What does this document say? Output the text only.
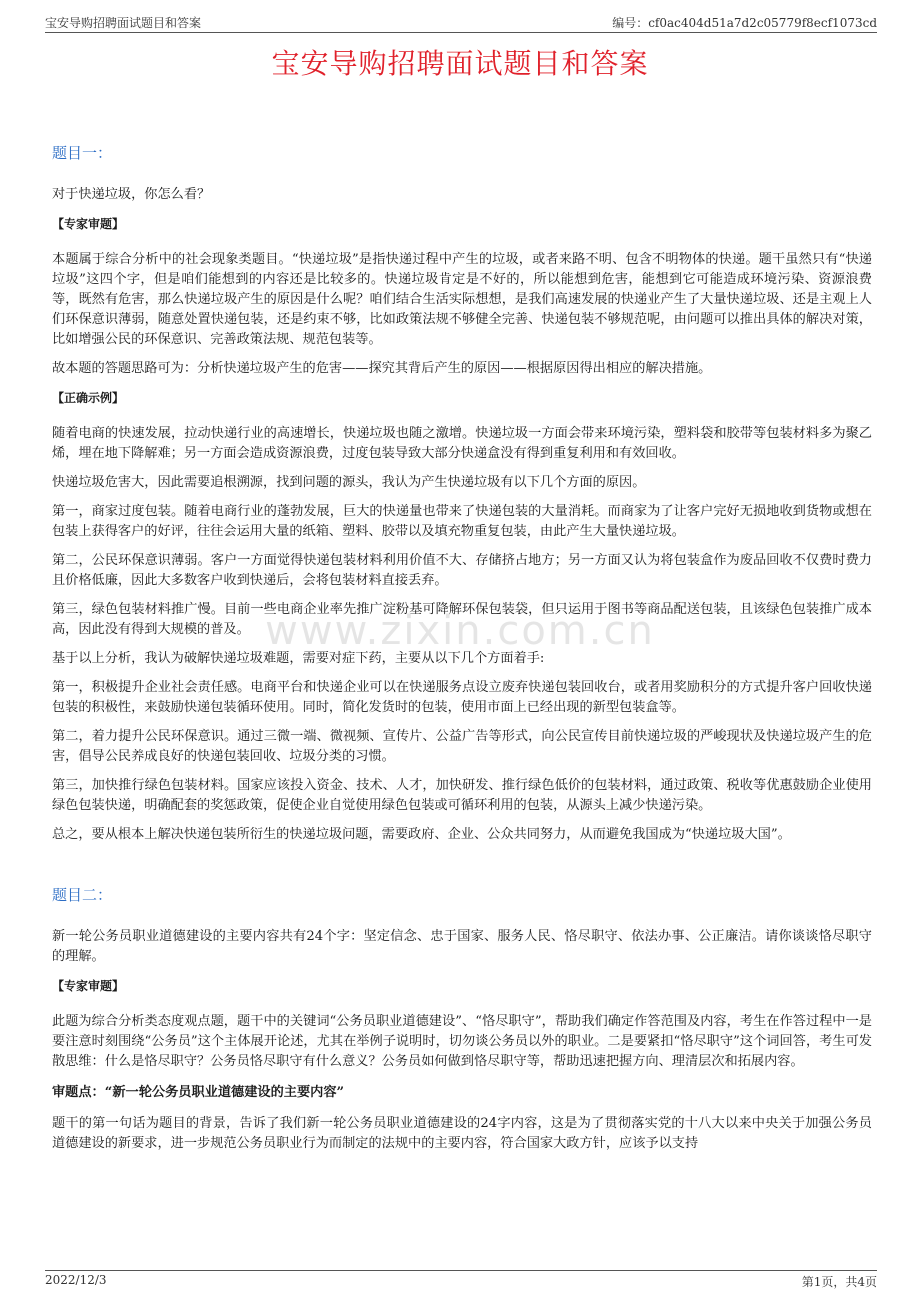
宝安导购招聘面试题目和答案	编号：cf0ac404d51a7d2c05779f8ecf1073cd
宝安导购招聘面试题目和答案
www.zixin.com.cn
题目一：

对于快递垃圾，你怎么看？

【专家审题】

本题属于综合分析中的社会现象类题目。“快递垃圾”是指快递过程中产生的垃圾，或者来路不明、包含不明物体的快递。题干虽然只有“快递垃圾”这四个字，但是咱们能想到的内容还是比较多的。快递垃圾肯定是不好的，所以能想到危害，能想到它可能造成环境污染、资源浪费等，既然有危害，那么快递垃圾产生的原因是什么呢？咱们结合生活实际想想，是我们高速发展的快递业产生了大量快递垃圾、还是主观上人们环保意识薄弱，随意处置快递包装，还是约束不够，比如政策法规不够健全完善、快递包装不够规范呢，由问题可以推出具体的解决对策，比如增强公民的环保意识、完善政策法规、规范包装等。

故本题的答题思路可为：分析快递垃圾产生的危害——探究其背后产生的原因——根据原因得出相应的解决措施。

【正确示例】

随着电商的快速发展，拉动快递行业的高速增长，快递垃圾也随之激增。快递垃圾一方面会带来环境污染，塑料袋和胶带等包装材料多为聚乙烯，埋在地下降解难；另一方面会造成资源浪费，过度包装导致大部分快递盒没有得到重复利用和有效回收。

快递垃圾危害大，因此需要追根溯源，找到问题的源头，我认为产生快递垃圾有以下几个方面的原因。

第一，商家过度包装。随着电商行业的蓬勃发展，巨大的快递量也带来了快递包装的大量消耗。而商家为了让客户完好无损地收到货物或想在包装上获得客户的好评，往往会运用大量的纸箱、塑料、胶带以及填充物重复包装，由此产生大量快递垃圾。

第二，公民环保意识薄弱。客户一方面觉得快递包装材料利用价值不大、存储挤占地方；另一方面又认为将包装盒作为废品回收不仅费时费力且价格低廉，因此大多数客户收到快递后，会将包装材料直接丢弃。

第三，绿色包装材料推广慢。目前一些电商企业率先推广淀粉基可降解环保包装袋，但只运用于图书等商品配送包装，且该绿色包装推广成本高，因此没有得到大规模的普及。

基于以上分析，我认为破解快递垃圾难题，需要对症下药，主要从以下几个方面着手:

第一，积极提升企业社会责任感。电商平台和快递企业可以在快递服务点设立废弃快递包装回收台，或者用奖励积分的方式提升客户回收快递包装的积极性，来鼓励快递包装循环使用。同时，简化发货时的包装，使用市面上已经出现的新型包装盒等。

第二，着力提升公民环保意识。通过三微一端、微视频、宣传片、公益广告等形式，向公民宣传目前快递垃圾的严峻现状及快递垃圾产生的危害，倡导公民养成良好的快递包装回收、垃圾分类的习惯。

第三，加快推行绿色包装材料。国家应该投入资金、技术、人才，加快研发、推行绿色低价的包装材料，通过政策、税收等优惠鼓励企业使用绿色包装快递，明确配套的奖惩政策，促使企业自觉使用绿色包装或可循环利用的包装，从源头上减少快递污染。

总之，要从根本上解决快递包装所衍生的快递垃圾问题，需要政府、企业、公众共同努力，从而避免我国成为“快递垃圾大国”。

题目二：

新一轮公务员职业道德建设的主要内容共有24个字：坚定信念、忠于国家、服务人民、恪尽职守、依法办事、公正廉洁。请你谈谈恪尽职守的理解。

【专家审题】

此题为综合分析类态度观点题，题干中的关键词“公务员职业道德建设”、“恪尽职守”，帮助我们确定作答范围及内容，考生在作答过程中一是要注意时刻围绕“公务员”这个主体展开论述，尤其在举例子说明时，切勿谈公务员以外的职业。二是要紧扣“恪尽职守”这个词回答，考生可发散思维：什么是恪尽职守？公务员恪尽职守有什么意义？公务员如何做到恪尽职守等，帮助迅速把握方向、理清层次和拓展内容。

审题点：“新一轮公务员职业道德建设的主要内容”

题干的第一句话为题目的背景，告诉了我们新一轮公务员职业道德建设的24字内容，这是为了贯彻落实党的十八大以来中央关于加强公务员道德建设的新要求，进一步规范公务员职业行为而制定的法规中的主要内容，符合国家大政方针，应该予以支持

2022/12/3	第1页，共4页
